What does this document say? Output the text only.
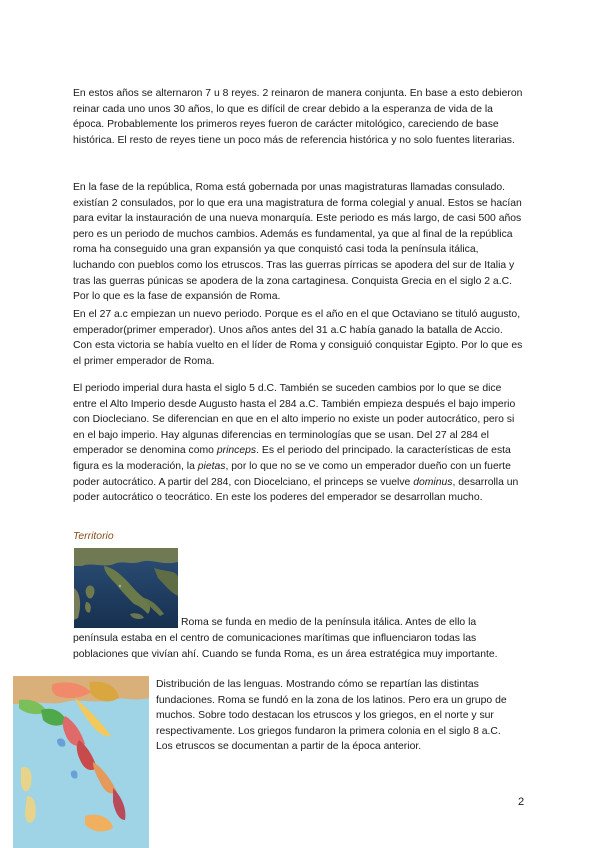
En estos años se alternaron 7 u 8 reyes. 2 reinaron de manera conjunta. En base a esto debieron reinar cada uno unos 30 años, lo que es difícil de crear debido a la esperanza de vida de la época. Probablemente los primeros reyes fueron de carácter mitológico, careciendo de base histórica. El resto de reyes tiene un poco más de referencia histórica y no solo fuentes literarias.

En la fase de la república, Roma está gobernada por unas magistraturas llamadas consulado. existían 2 consulados, por lo que era una magistratura de forma colegial y anual. Estos se hacían para evitar la instauración de una nueva monarquía. Este periodo es más largo, de casi 500 años pero es un periodo de muchos cambios. Además es fundamental, ya que al final de la república roma ha conseguido una gran expansión ya que conquistó casi toda la península itálica, luchando con pueblos como los etruscos. Tras las guerras pírricas se apodera del sur de Italia y tras las guerras púnicas se apodera de la zona cartaginesa. Conquista Grecia en el siglo 2 a.C. Por lo que es la fase de expansión de Roma.

En el 27 a.c empiezan un nuevo periodo. Porque es el año en el que Octaviano se tituló augusto, emperador(primer emperador). Unos años antes del 31 a.C había ganado la batalla de Accio. Con esta victoria se había vuelto en el líder de Roma y consiguió conquistar Egipto. Por lo que es el primer emperador de Roma.

El periodo imperial dura hasta el siglo 5 d.C. También se suceden cambios por lo que se dice entre el Alto Imperio desde Augusto hasta el 284 a.C. También empieza después el bajo imperio con Diocleciano. Se diferencian en que en el alto imperio no existe un poder autocrático, pero si en el bajo imperio. Hay algunas diferencias en terminologías que se usan. Del 27 al 284 el emperador se denomina como princeps. Es el periodo del principado. la características de esta figura es la moderación, la pietas, por lo que no se ve como un emperador dueño con un fuerte poder autocrático. A partir del 284, con Diocelciano, el princeps se vuelve dominus, desarrolla un poder autocrático o teocrático. En este los poderes del emperador se desarrollan mucho.

Territorio

Roma se funda en medio de la península itálica. Antes de ello la

península estaba en el centro de comunicaciones marítimas que influenciaron todas las poblaciones que vivían ahí. Cuando se funda Roma, es un área estratégica muy importante.

Distribución de las lenguas. Mostrando cómo se repartían las distintas fundaciones. Roma se fundó en la zona de los latinos. Pero era un grupo de muchos. Sobre todo destacan los etruscos y los griegos, en el norte y sur respectivamente. Los griegos fundaron la primera colonia en el siglo 8 a.C. Los etruscos se documentan a partir de la época anterior.

2
